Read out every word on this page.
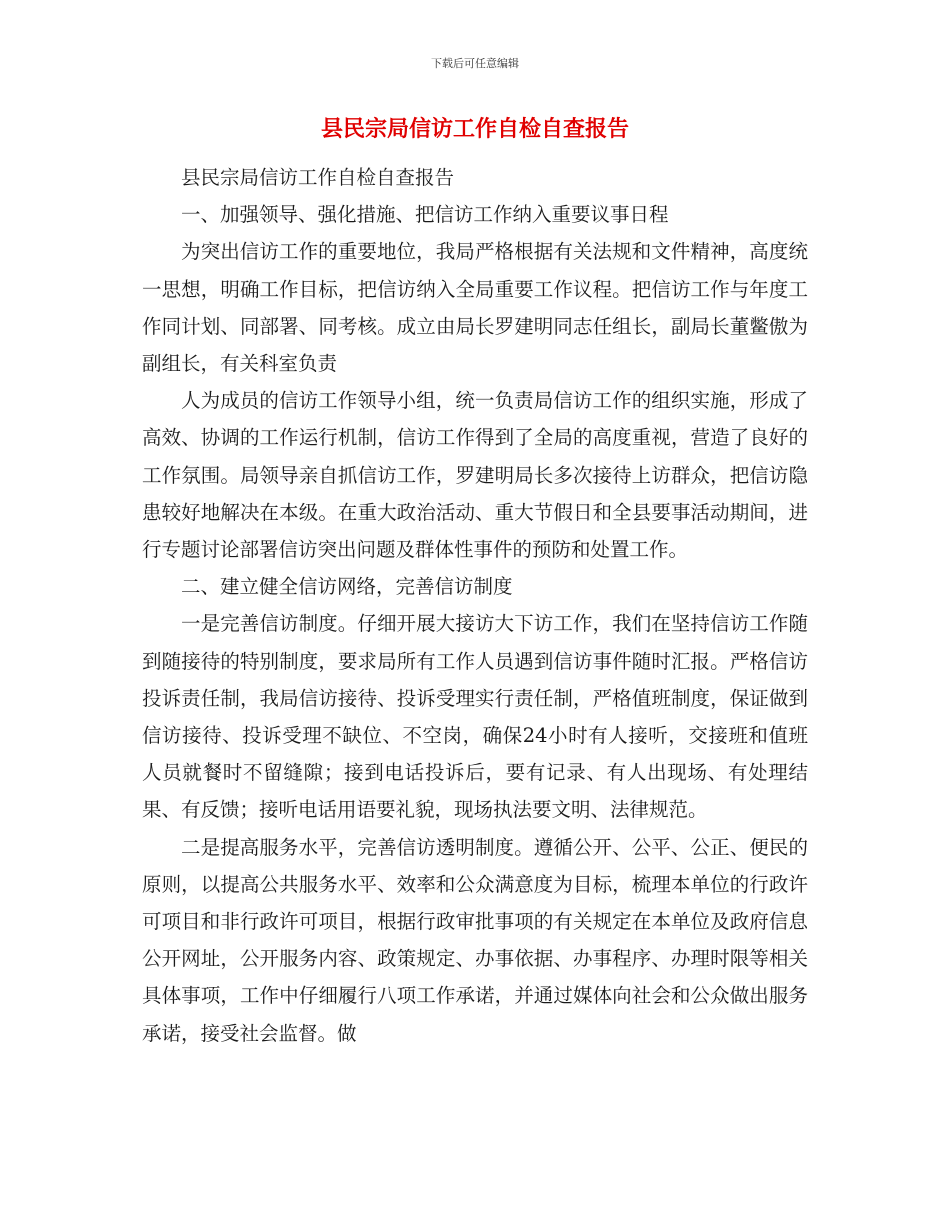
下载后可任意编辑
县民宗局信访工作自检自查报告

县民宗局信访工作自检自查报告

一、加强领导、强化措施、把信访工作纳入重要议事日程

为突出信访工作的重要地位，我局严格根据有关法规和文件精神，高度统一思想，明确工作目标，把信访纳入全局重要工作议程。把信访工作与年度工作同计划、同部署、同考核。成立由局长罗建明同志任组长，副局长董鳖傲为副组长，有关科室负责

人为成员的信访工作领导小组，统一负责局信访工作的组织实施，形成了高效、协调的工作运行机制，信访工作得到了全局的高度重视，营造了良好的工作氛围。局领导亲自抓信访工作，罗建明局长多次接待上访群众，把信访隐患较好地解决在本级。在重大政治活动、重大节假日和全县要事活动期间，进行专题讨论部署信访突出问题及群体性事件的预防和处置工作。

二、建立健全信访网络，完善信访制度

一是完善信访制度。仔细开展大接访大下访工作，我们在坚持信访工作随到随接待的特别制度，要求局所有工作人员遇到信访事件随时汇报。严格信访投诉责任制，我局信访接待、投诉受理实行责任制，严格值班制度，保证做到信访接待、投诉受理不缺位、不空岗，确保24小时有人接听，交接班和值班人员就餐时不留缝隙；接到电话投诉后，要有记录、有人出现场、有处理结果、有反馈；接听电话用语要礼貌，现场执法要文明、法律规范。

二是提高服务水平，完善信访透明制度。遵循公开、公平、公正、便民的原则，以提高公共服务水平、效率和公众满意度为目标，梳理本单位的行政许可项目和非行政许可项目，根据行政审批事项的有关规定在本单位及政府信息公开网址，公开服务内容、政策规定、办事依据、办事程序、办理时限等相关具体事项，工作中仔细履行八项工作承诺，并通过媒体向社会和公众做出服务承诺，接受社会监督。做
